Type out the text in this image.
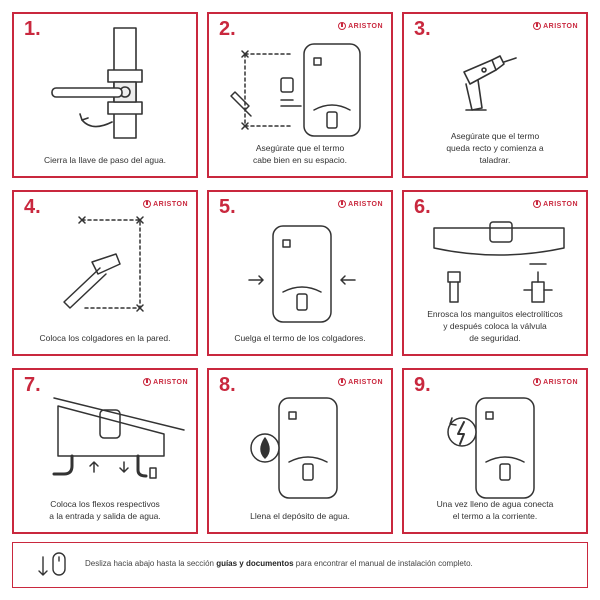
1.
Cierra la llave de paso del agua.
2.	ARISTON
Asegúrate que el termo
cabe bien en su espacio.
3.	ARISTON
Asegúrate que el termo
queda recto y comienza a
taladrar.
4.	ARISTON
Coloca los colgadores en la pared.
5.	ARISTON
Cuelga el termo de los colgadores.
6.	ARISTON
Enrosca los manguitos electrolíticos
y después coloca la válvula
de seguridad.
7.	ARISTON
Coloca los flexos respectivos
a la entrada y salida de agua.
8.	ARISTON
Llena el depósito de agua.
9.	ARISTON
Una vez lleno de agua conecta
el termo a la corriente.
Desliza hacia abajo hasta la sección guías y documentos para encontrar el manual de instalación completo.
